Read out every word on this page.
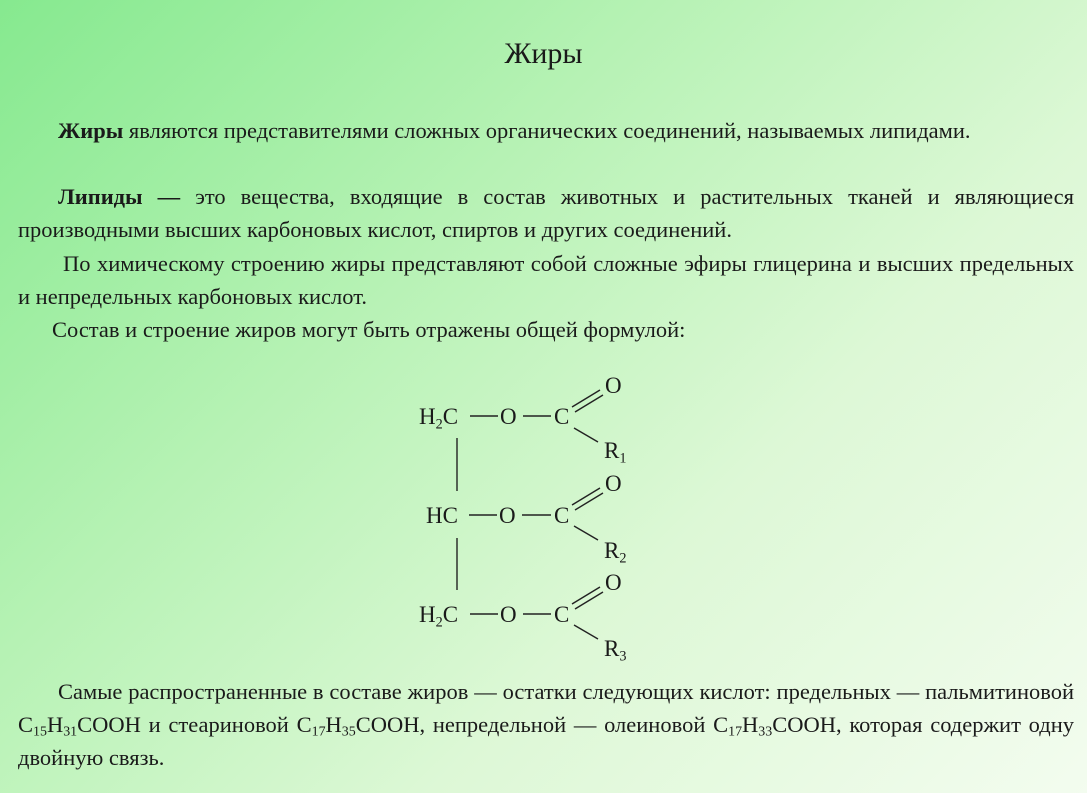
Жиры
Жиры являются представителями сложных органических соединений, называемых липидами.
Липиды — это вещества, входящие в состав животных и растительных тканей и являющиеся производными высших карбоновых кислот, спиртов и других соединений.
По химическому строению жиры представляют собой сложные эфиры глицерина и высших предельных и непредельных карбоновых кислот.
Состав и строение жиров могут быть отражены общей формулой:
$H_2C$ O C
O
$R_1$
HC O C
O
$R_2$
$H_2C$ O C
O
$R_3$
Самые распространенные в составе жиров — остатки следующих кислот: предельных — пальмитиновой $C_{15}H_{31}COOH$ и стеариновой $C_{17}H_{35}COOH$, непредельной — олеиновой $C_{17}H_{33}COOH$, которая содержит одну двойную связь.
